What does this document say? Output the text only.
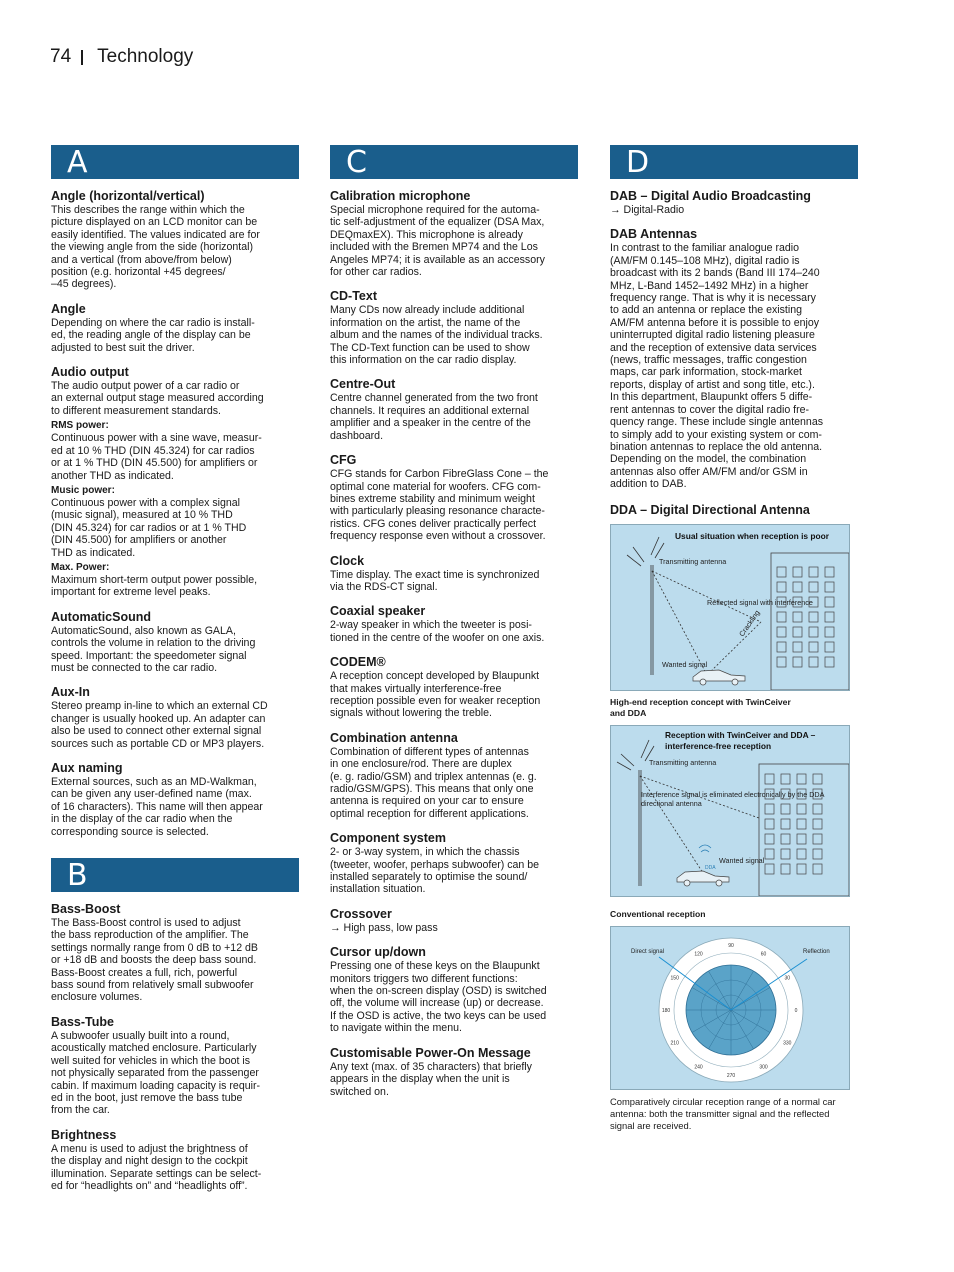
74 Technology
A
Angle (horizontal/vertical)

This describes the range within which the
picture displayed on an LCD monitor can be
easily identified. The values indicated are for
the viewing angle from the side (horizontal)
and a vertical (from above/from below)
position (e.g. horizontal +45 degrees/
–45 degrees).

Angle

Depending on where the car radio is install-
ed, the reading angle of the display can be
adjusted to best suit the driver.

Audio output

The audio output power of a car radio or
an external output stage measured according
to different measurement standards.

RMS power:

Continuous power with a sine wave, measur-
ed at 10 % THD (DIN 45.324) for car radios
or at 1 % THD (DIN 45.500) for amplifiers or
another THD as indicated.

Music power:

Continuous power with a complex signal
(music signal), measured at 10 % THD
(DIN 45.324) for car radios or at 1 % THD
(DIN 45.500) for amplifiers or another
THD as indicated.

Max. Power:

Maximum short-term output power possible,
important for extreme level peaks.

AutomaticSound

AutomaticSound, also known as GALA,
controls the volume in relation to the driving
speed. Important: the speedometer signal
must be connected to the car radio.

Aux-In

Stereo preamp in-line to which an external CD
changer is usually hooked up. An adapter can
also be used to connect other external signal
sources such as portable CD or MP3 players.

Aux naming

External sources, such as an MD-Walkman,
can be given any user-defined name (max.
of 16 characters). This name will then appear
in the display of the car radio when the
corresponding source is selected.

B
Bass-Boost

The Bass-Boost control is used to adjust
the bass reproduction of the amplifier. The
settings normally range from 0 dB to +12 dB
or +18 dB and boosts the deep bass sound.
Bass-Boost creates a full, rich, powerful
bass sound from relatively small subwoofer
enclosure volumes.

Bass-Tube

A subwoofer usually built into a round,
acoustically matched enclosure. Particularly
well suited for vehicles in which the boot is
not physically separated from the passenger
cabin. If maximum loading capacity is requir-
ed in the boot, just remove the bass tube
from the car.

Brightness

A menu is used to adjust the brightness of
the display and night design to the cockpit
illumination. Separate settings can be select-
ed for “headlights on” and “headlights off”.

C
Calibration microphone

Special microphone required for the automa-
tic self-adjustment of the equalizer (DSA Max,
DEQmaxEX). This microphone is already
included with the Bremen MP74 and the Los
Angeles MP74; it is available as an accessory
for other car radios.

CD-Text

Many CDs now already include additional
information on the artist, the name of the
album and the names of the individual tracks.
The CD-Text function can be used to show
this information on the car radio display.

Centre-Out

Centre channel generated from the two front
channels. It requires an additional external
amplifier and a speaker in the centre of the
dashboard.

CFG

CFG stands for Carbon FibreGlass Cone – the
optimal cone material for woofers. CFG com-
bines extreme stability and minimum weight
with particularly pleasing resonance characte-
ristics. CFG cones deliver practically perfect
frequency response even without a crossover.

Clock

Time display. The exact time is synchronized
via the RDS-CT signal.

Coaxial speaker

2-way speaker in which the tweeter is posi-
tioned in the centre of the woofer on one axis.

CODEM®

A reception concept developed by Blaupunkt
that makes virtually interference-free
reception possible even for weaker reception
signals without lowering the treble.

Combination antenna

Combination of different types of antennas
in one enclosure/rod. There are duplex
(e. g. radio/GSM) and triplex antennas (e. g.
radio/GSM/GPS). This means that only one
antenna is required on your car to ensure
optimal reception for different applications.

Component system

2- or 3-way system, in which the chassis
(tweeter, woofer, perhaps subwoofer) can be
installed separately to optimise the sound/
installation situation.

Crossover

→ High pass, low pass

Cursor up/down

Pressing one of these keys on the Blaupunkt
monitors triggers two different functions:
when the on-screen display (OSD) is switched
off, the volume will increase (up) or decrease.
If the OSD is active, the two keys can be used
to navigate within the menu.

Customisable Power-On Message

Any text (max. of 35 characters) that briefly
appears in the display when the unit is
switched on.

D
DAB – Digital Audio Broadcasting

→ Digital-Radio

DAB Antennas

In contrast to the familiar analogue radio
(AM/FM 0.145–108 MHz), digital radio is
broadcast with its 2 bands (Band III 174–240
MHz, L-Band 1452–1492 MHz) in a higher
frequency range. That is why it is necessary
to add an antenna or replace the existing
AM/FM antenna before it is possible to enjoy
uninterrupted digital radio listening pleasure
and the reception of extensive data services
(news, traffic messages, traffic congestion
maps, car park information, stock-market
reports, display of artist and song title, etc.).
In this department, Blaupunkt offers 5 diffe-
rent antennas to cover the digital radio fre-
quency range. These include single antennas
to simply add to your existing system or com-
bination antennas to replace the old antenna.
Depending on the model, the combination
antennas also offer AM/FM and/or GSM in
addition to DAB.

DDA – Digital Directional Antenna
Usual situation when reception is poor
Transmitting antenna
Reflected signal with interference
Crackling
Wanted signal
High-end reception concept with TwinCeiver
and DDA
Reception with TwinCeiver and DDA – interference-free reception
Transmitting antenna
Interference signal is eliminated electronically by the DDA directional antenna
Wanted signal
DDA
Conventional reception
90
60
30
0
330
300
270
240
210
180
150
120
Direct signal	Reflection
Comparatively circular reception range of a normal car
antenna: both the transmitter signal and the reflected
signal are received.
